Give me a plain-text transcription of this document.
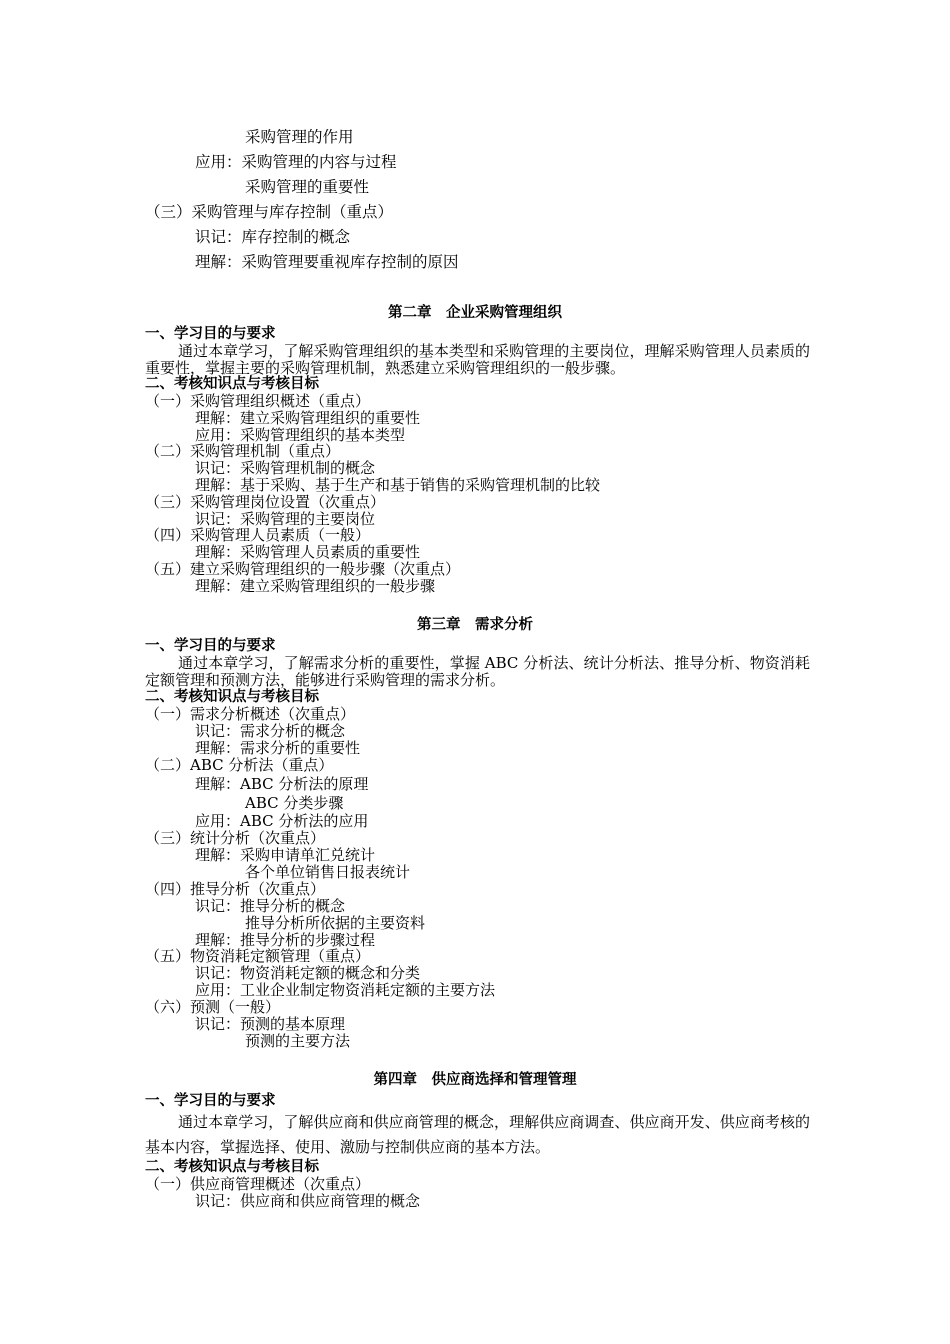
采购管理的作用
应用：采购管理的内容与过程
采购管理的重要性
（三）采购管理与库存控制（重点）
识记：库存控制的概念
理解：采购管理要重视库存控制的原因
第二章　企业采购管理组织
一、学习目的与要求
通过本章学习，了解采购管理组织的基本类型和采购管理的主要岗位，理解采购管理人员素质的重要性，掌握主要的采购管理机制，熟悉建立采购管理组织的一般步骤。
二、考核知识点与考核目标
（一）采购管理组织概述（重点）
理解：建立采购管理组织的重要性
应用：采购管理组织的基本类型
（二）采购管理机制（重点）
识记：采购管理机制的概念
理解：基于采购、基于生产和基于销售的采购管理机制的比较
（三）采购管理岗位设置（次重点）
识记：采购管理的主要岗位
（四）采购管理人员素质（一般）
理解：采购管理人员素质的重要性
（五）建立采购管理组织的一般步骤（次重点）
理解：建立采购管理组织的一般步骤
第三章　需求分析
一、学习目的与要求
通过本章学习，了解需求分析的重要性，掌握 ABC 分析法、统计分析法、推导分析、物资消耗定额管理和预测方法，能够进行采购管理的需求分析。
二、考核知识点与考核目标
（一）需求分析概述（次重点）
识记：需求分析的概念
理解：需求分析的重要性
（二）ABC 分析法（重点）
理解：ABC 分析法的原理
ABC 分类步骤
应用：ABC 分析法的应用
（三）统计分析（次重点）
理解：采购申请单汇兑统计
各个单位销售日报表统计
（四）推导分析（次重点）
识记：推导分析的概念
推导分析所依据的主要资料
理解：推导分析的步骤过程
（五）物资消耗定额管理（重点）
识记：物资消耗定额的概念和分类
应用：工业企业制定物资消耗定额的主要方法
（六）预测（一般）
识记：预测的基本原理
预测的主要方法
第四章　供应商选择和管理管理
一、学习目的与要求
通过本章学习，了解供应商和供应商管理的概念，理解供应商调查、供应商开发、供应商考核的基本内容，掌握选择、使用、激励与控制供应商的基本方法。
二、考核知识点与考核目标
（一）供应商管理概述（次重点）
识记：供应商和供应商管理的概念
